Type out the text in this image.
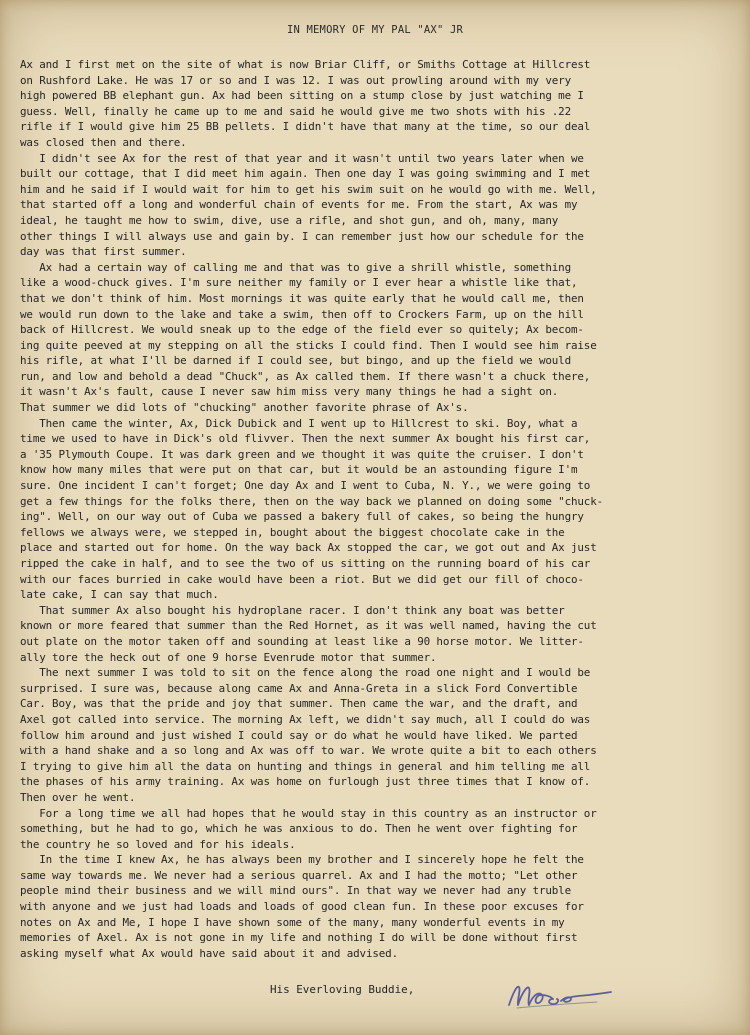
IN MEMORY OF MY PAL "AX" JR
Ax and I first met on the site of what is now Briar Cliff, or Smiths Cottage at Hillcrest
on Rushford Lake. He was 17 or so and I was 12. I was out prowling around with my very
high powered BB elephant gun. Ax had been sitting on a stump close by just watching me I
guess. Well, finally he came up to me and said he would give me two shots with his .22
rifle if I would give him 25 BB pellets. I didn't have that many at the time, so our deal
was closed then and there.
I didn't see Ax for the rest of that year and it wasn't until two years later when we
built our cottage, that I did meet him again. Then one day I was going swimming and I met
him and he said if I would wait for him to get his swim suit on he would go with me. Well,
that started off a long and wonderful chain of events for me. From the start, Ax was my
ideal, he taught me how to swim, dive, use a rifle, and shot gun, and oh, many, many
other things I will always use and gain by. I can remember just how our schedule for the
day was that first summer.
Ax had a certain way of calling me and that was to give a shrill whistle, something
like a wood-chuck gives. I'm sure neither my family or I ever hear a whistle like that,
that we don't think of him. Most mornings it was quite early that he would call me, then
we would run down to the lake and take a swim, then off to Crockers Farm, up on the hill
back of Hillcrest. We would sneak up to the edge of the field ever so quitely; Ax becom-
ing quite peeved at my stepping on all the sticks I could find. Then I would see him raise
his rifle, at what I'll be darned if I could see, but bingo, and up the field we would
run, and low and behold a dead "Chuck", as Ax called them. If there wasn't a chuck there,
it wasn't Ax's fault, cause I never saw him miss very many things he had a sight on.
That summer we did lots of "chucking" another favorite phrase of Ax's.
Then came the winter, Ax, Dick Dubick and I went up to Hillcrest to ski. Boy, what a
time we used to have in Dick's old flivver. Then the next summer Ax bought his first car,
a '35 Plymouth Coupe. It was dark green and we thought it was quite the cruiser. I don't
know how many miles that were put on that car, but it would be an astounding figure I'm
sure. One incident I can't forget; One day Ax and I went to Cuba, N. Y., we were going to
get a few things for the folks there, then on the way back we planned on doing some "chuck-
ing". Well, on our way out of Cuba we passed a bakery full of cakes, so being the hungry
fellows we always were, we stepped in, bought about the biggest chocolate cake in the
place and started out for home. On the way back Ax stopped the car, we got out and Ax just
ripped the cake in half, and to see the two of us sitting on the running board of his car
with our faces burried in cake would have been a riot. But we did get our fill of choco-
late cake, I can say that much.
That summer Ax also bought his hydroplane racer. I don't think any boat was better
known or more feared that summer than the Red Hornet, as it was well named, having the cut
out plate on the motor taken off and sounding at least like a 90 horse motor. We litter-
ally tore the heck out of one 9 horse Evenrude motor that summer.
The next summer I was told to sit on the fence along the road one night and I would be
surprised. I sure was, because along came Ax and Anna-Greta in a slick Ford Convertible
Car. Boy, was that the pride and joy that summer. Then came the war, and the draft, and
Axel got called into service. The morning Ax left, we didn't say much, all I could do was
follow him around and just wished I could say or do what he would have liked. We parted
with a hand shake and a so long and Ax was off to war. We wrote quite a bit to each others
I trying to give him all the data on hunting and things in general and him telling me all
the phases of his army training. Ax was home on furlough just three times that I know of.
Then over he went.
For a long time we all had hopes that he would stay in this country as an instructor or
something, but he had to go, which he was anxious to do. Then he went over fighting for
the country he so loved and for his ideals.
In the time I knew Ax, he has always been my brother and I sincerely hope he felt the
same way towards me. We never had a serious quarrel. Ax and I had the motto; "Let other
people mind their business and we will mind ours". In that way we never had any truble
with anyone and we just had loads and loads of good clean fun. In these poor excuses for
notes on Ax and Me, I hope I have shown some of the many, many wonderful events in my
memories of Axel. Ax is not gone in my life and nothing I do will be done without first
asking myself what Ax would have said about it and advised.
His Everloving Buddie,
